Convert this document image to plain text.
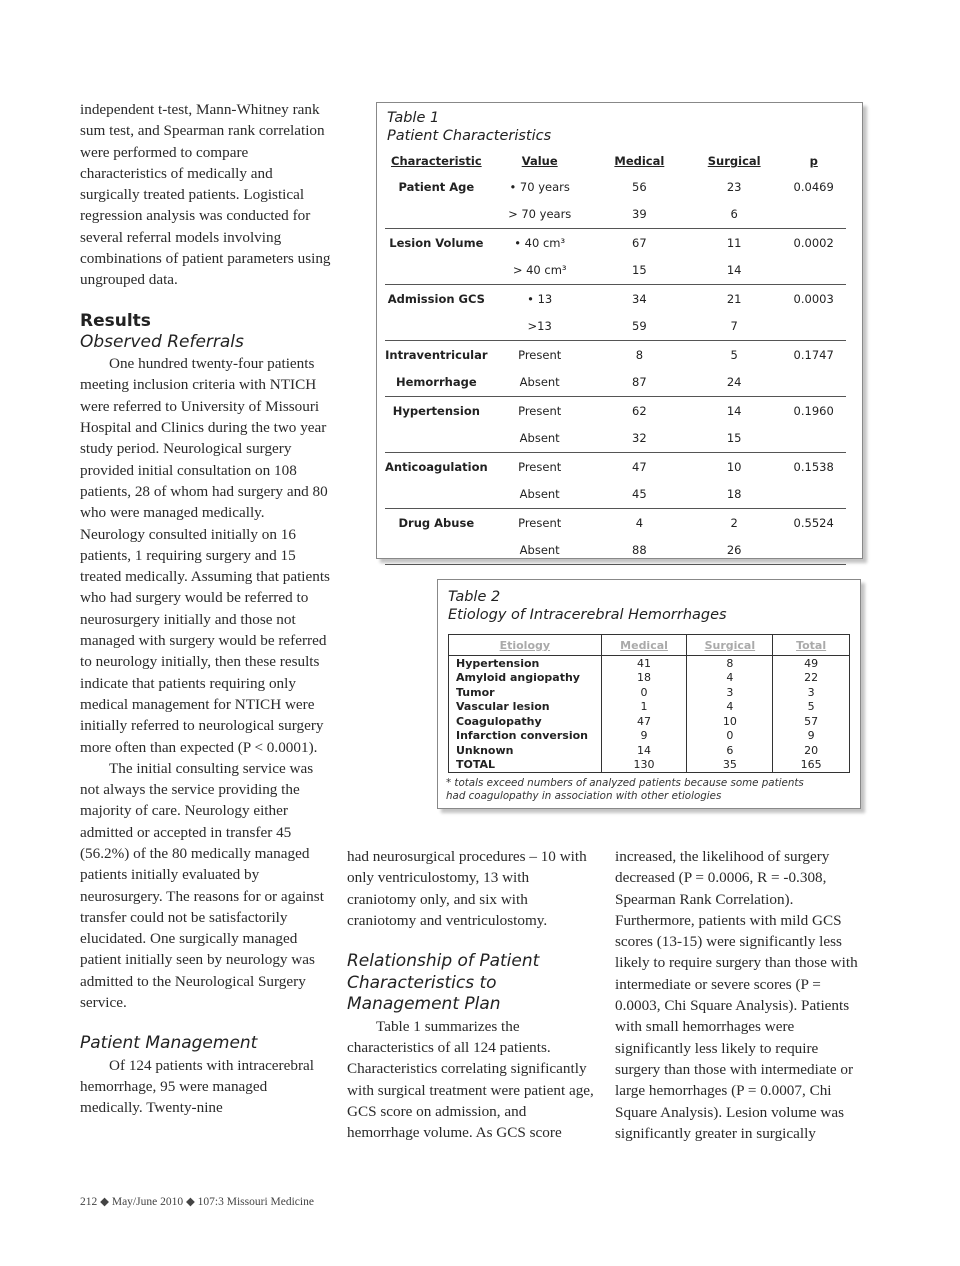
independent t-test, Mann-Whitney rank sum test, and Spearman rank correlation were performed to compare characteristics of medically and surgically treated patients. Logistical regression analysis was conducted for several referral models involving combinations of patient parameters using ungrouped data.

Results
Observed Referrals

One hundred twenty-four patients meeting inclusion criteria with NTICH were referred to University of Missouri Hospital and Clinics during the two year study period. Neurological surgery provided initial consultation on 108 patients, 28 of whom had surgery and 80 who were managed medically. Neurology consulted initially on 16 patients, 1 requiring surgery and 15 treated medically. Assuming that patients who had surgery would be referred to neurosurgery initially and those not managed with surgery would be referred to neurology initially, then these results indicate that patients requiring only medical management for NTICH were initially referred to neurological surgery more often than expected (P < 0.0001).

The initial consulting service was not always the service providing the majority of care. Neurology either admitted or accepted in transfer 45 (56.2%) of the 80 medically managed patients initially evaluated by neurosurgery. The reasons for or against transfer could not be satisfactorily elucidated. One surgically managed patient initially seen by neurology was admitted to the Neurological Surgery service.

Patient Management

Of 124 patients with intracerebral hemorrhage, 95 were managed medically. Twenty-nine

had neurosurgical procedures – 10 with only ventriculostomy, 13 with craniotomy only, and six with craniotomy and ventriculostomy.

Relationship of Patient Characteristics to Management Plan

Table 1 summarizes the characteristics of all 124 patients. Characteristics correlating significantly with surgical treatment were patient age, GCS score on admission, and hemorrhage volume. As GCS score

increased, the likelihood of surgery decreased (P = 0.0006, R = -0.308, Spearman Rank Correlation). Furthermore, patients with mild GCS scores (13-15) were significantly less likely to require surgery than those with intermediate or severe scores (P = 0.0003, Chi Square Analysis). Patients with small hemorrhages were significantly less likely to require surgery than those with intermediate or large hemorrhages (P = 0.0007, Chi Square Analysis). Lesion volume was significantly greater in surgically

Table 1
Patient Characteristics
Characteristic	Value	Medical	Surgical	p
Patient Age	• 70 years	56	23	0.0469
	> 70 years	39	6	
Lesion Volume	• 40 cm³	67	11	0.0002
	> 40 cm³	15	14	
Admission GCS	• 13	34	21	0.0003
	>13	59	7	
Intraventricular	Present	8	5	0.1747
Hemorrhage	Absent	87	24	
Hypertension	Present	62	14	0.1960
	Absent	32	15	
Anticoagulation	Present	47	10	0.1538
	Absent	45	18	
Drug Abuse	Present	4	2	0.5524
	Absent	88	26	
Table 2
Etiology of Intracerebral Hemorrhages
Etiology	Medical	Surgical	Total
Hypertension	41	8	49
Amyloid angiopathy	18	4	22
Tumor	0	3	3
Vascular lesion	1	4	5
Coagulopathy	47	10	57
Infarction conversion	9	0	9
Unknown	14	6	20
TOTAL	130	35	165
* totals exceed numbers of analyzed patients because some patients
had coagulopathy in association with other etiologies
212 ◆ May/June 2010 ◆ 107:3 Missouri Medicine
